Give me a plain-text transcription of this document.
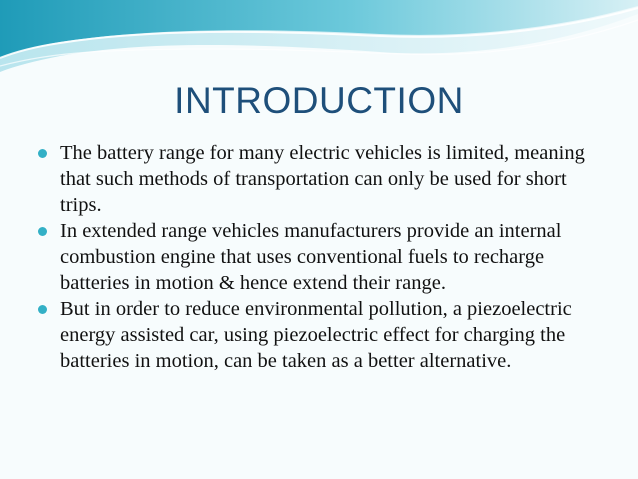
INTRODUCTION
The battery range for many electric vehicles is limited, meaning that such methods of transportation can only be used for short trips.
In extended range vehicles manufacturers provide an internal combustion engine that uses conventional fuels to recharge batteries in motion & hence extend their range.
But in order to reduce environmental pollution, a piezoelectric energy assisted car, using piezoelectric effect for charging the batteries in motion, can be taken as a better alternative.
